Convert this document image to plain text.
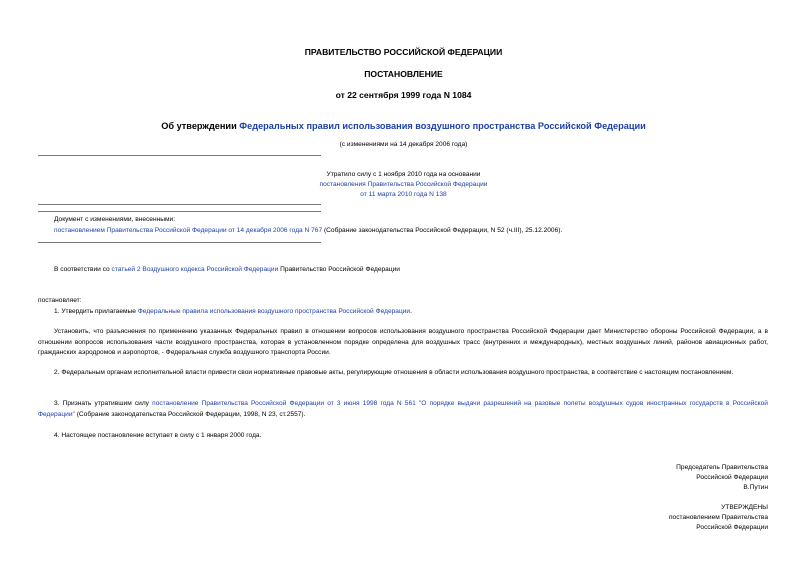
ПРАВИТЕЛЬСТВО РОССИЙСКОЙ ФЕДЕРАЦИИ
ПОСТАНОВЛЕНИЕ
от 22 сентября 1999 года N 1084
Об утверждении Федеральных правил использования воздушного пространства Российской Федерации
(с изменениями на 14 декабря 2006 года)
Утратило силу с 1 ноября 2010 года на основании
постановления Правительства Российской Федерации
от 11 марта 2010 года N 138
Документ с изменениями, внесенными:
постановлением Правительства Российской Федерации от 14 декабря 2006 года N 767 (Собрание законодательства Российской Федерации, N 52 (ч.III), 25.12.2006).
В соответствии со статьей 2 Воздушного кодекса Российской Федерации Правительство Российской Федерации
постановляет:
1. Утвердить прилагаемые Федеральные правила использования воздушного пространства Российской Федерации.
Установить, что разъяснения по применению указанных Федеральных правил в отношении вопросов использования воздушного пространства Российской Федерации дает Министерство обороны Российской Федерации, а в отношении вопросов использования части воздушного пространства, которая в установленном порядке определена для воздушных трасс (внутренних и международных), местных воздушных линий, районов авиационных работ, гражданских аэродромов и аэропортов, - Федеральная служба воздушного транспорта России.
2. Федеральным органам исполнительной власти привести свои нормативные правовые акты, регулирующие отношения в области использования воздушного пространства, в соответствие с настоящим постановлением.
3. Признать утратившим силу постановление Правительства Российской Федерации от 3 июня 1998 года N 561 "О порядке выдачи разрешений на разовые полеты воздушных судов иностранных государств в Российской Федерации" (Собрание законодательства Российской Федерации, 1998, N 23, ст.2557).
4. Настоящее постановление вступает в силу с 1 января 2000 года.
Председатель Правительства
Российской Федерации
В.Путин
УТВЕРЖДЕНЫ
постановлением Правительства
Российской Федерации
